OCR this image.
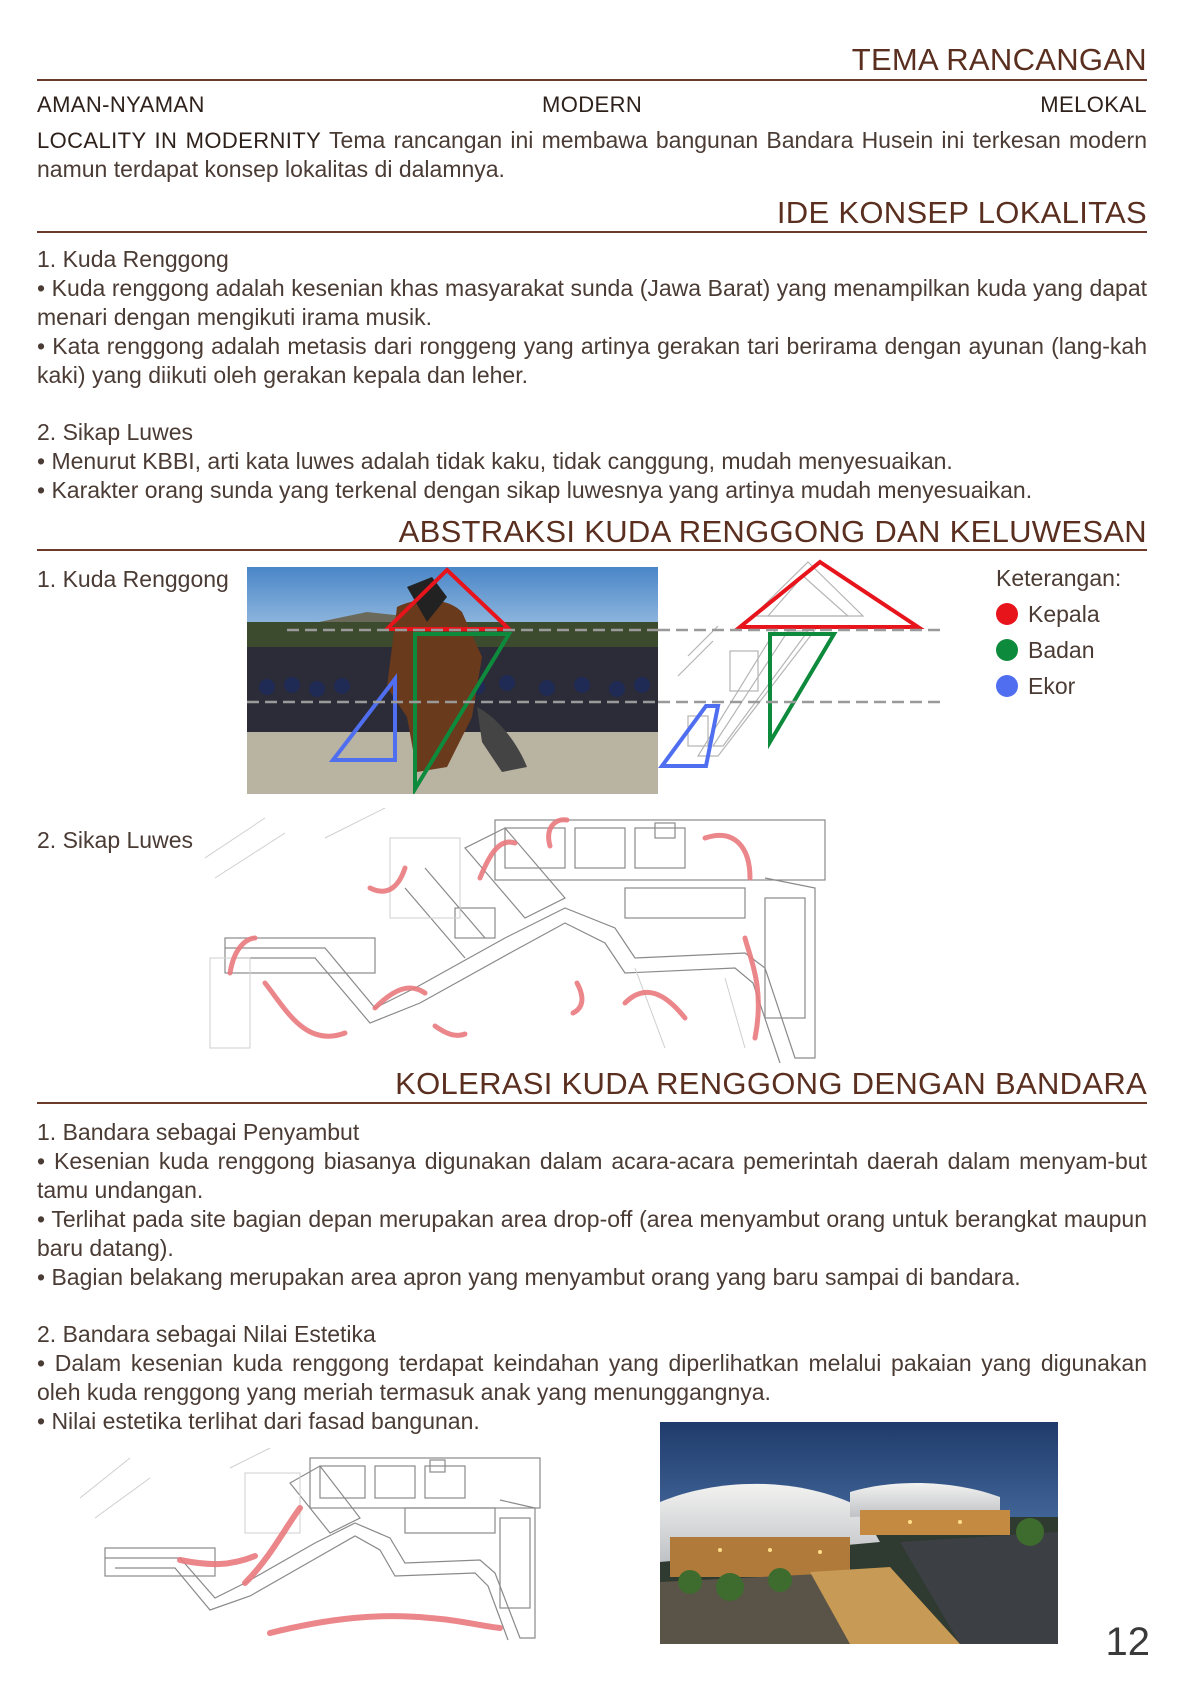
TEMA RANCANGAN
AMAN-NYAMAN	MODERN	MELOKAL

LOCALITY IN MODERNITY Tema rancangan ini membawa bangunan Bandara Husein ini terkesan modern namun terdapat konsep lokalitas di dalamnya.

IDE KONSEP LOKALITAS

1. Kuda Renggong

• Kuda renggong adalah kesenian khas masyarakat sunda (Jawa Barat) yang menampilkan kuda yang dapat menari dengan mengikuti irama musik.

• Kata renggong adalah metasis dari ronggeng yang artinya gerakan tari berirama dengan ayunan (lang-kah kaki) yang diikuti oleh gerakan kepala dan leher.

2. Sikap Luwes

• Menurut KBBI, arti kata luwes adalah tidak kaku, tidak canggung, mudah menyesuaikan.

• Karakter orang sunda yang terkenal dengan sikap luwesnya yang artinya mudah menyesuaikan.

ABSTRAKSI KUDA RENGGONG DAN KELUWESAN
1. Kuda Renggong	Keterangan:
Kepala
Badan
Ekor
2. Sikap Luwes
KOLERASI KUDA RENGGONG DENGAN BANDARA

1. Bandara sebagai Penyambut

• Kesenian kuda renggong biasanya digunakan dalam acara-acara pemerintah daerah dalam menyam-but tamu undangan.

• Terlihat pada site bagian depan merupakan area drop-off (area menyambut orang untuk berangkat maupun baru datang).

• Bagian belakang merupakan area apron yang menyambut orang yang baru sampai di bandara.

2. Bandara sebagai Nilai Estetika

• Dalam kesenian kuda renggong terdapat keindahan yang diperlihatkan melalui pakaian yang digunakan oleh kuda renggong yang meriah termasuk anak yang menunggangnya.

• Nilai estetika terlihat dari fasad bangunan.

12
